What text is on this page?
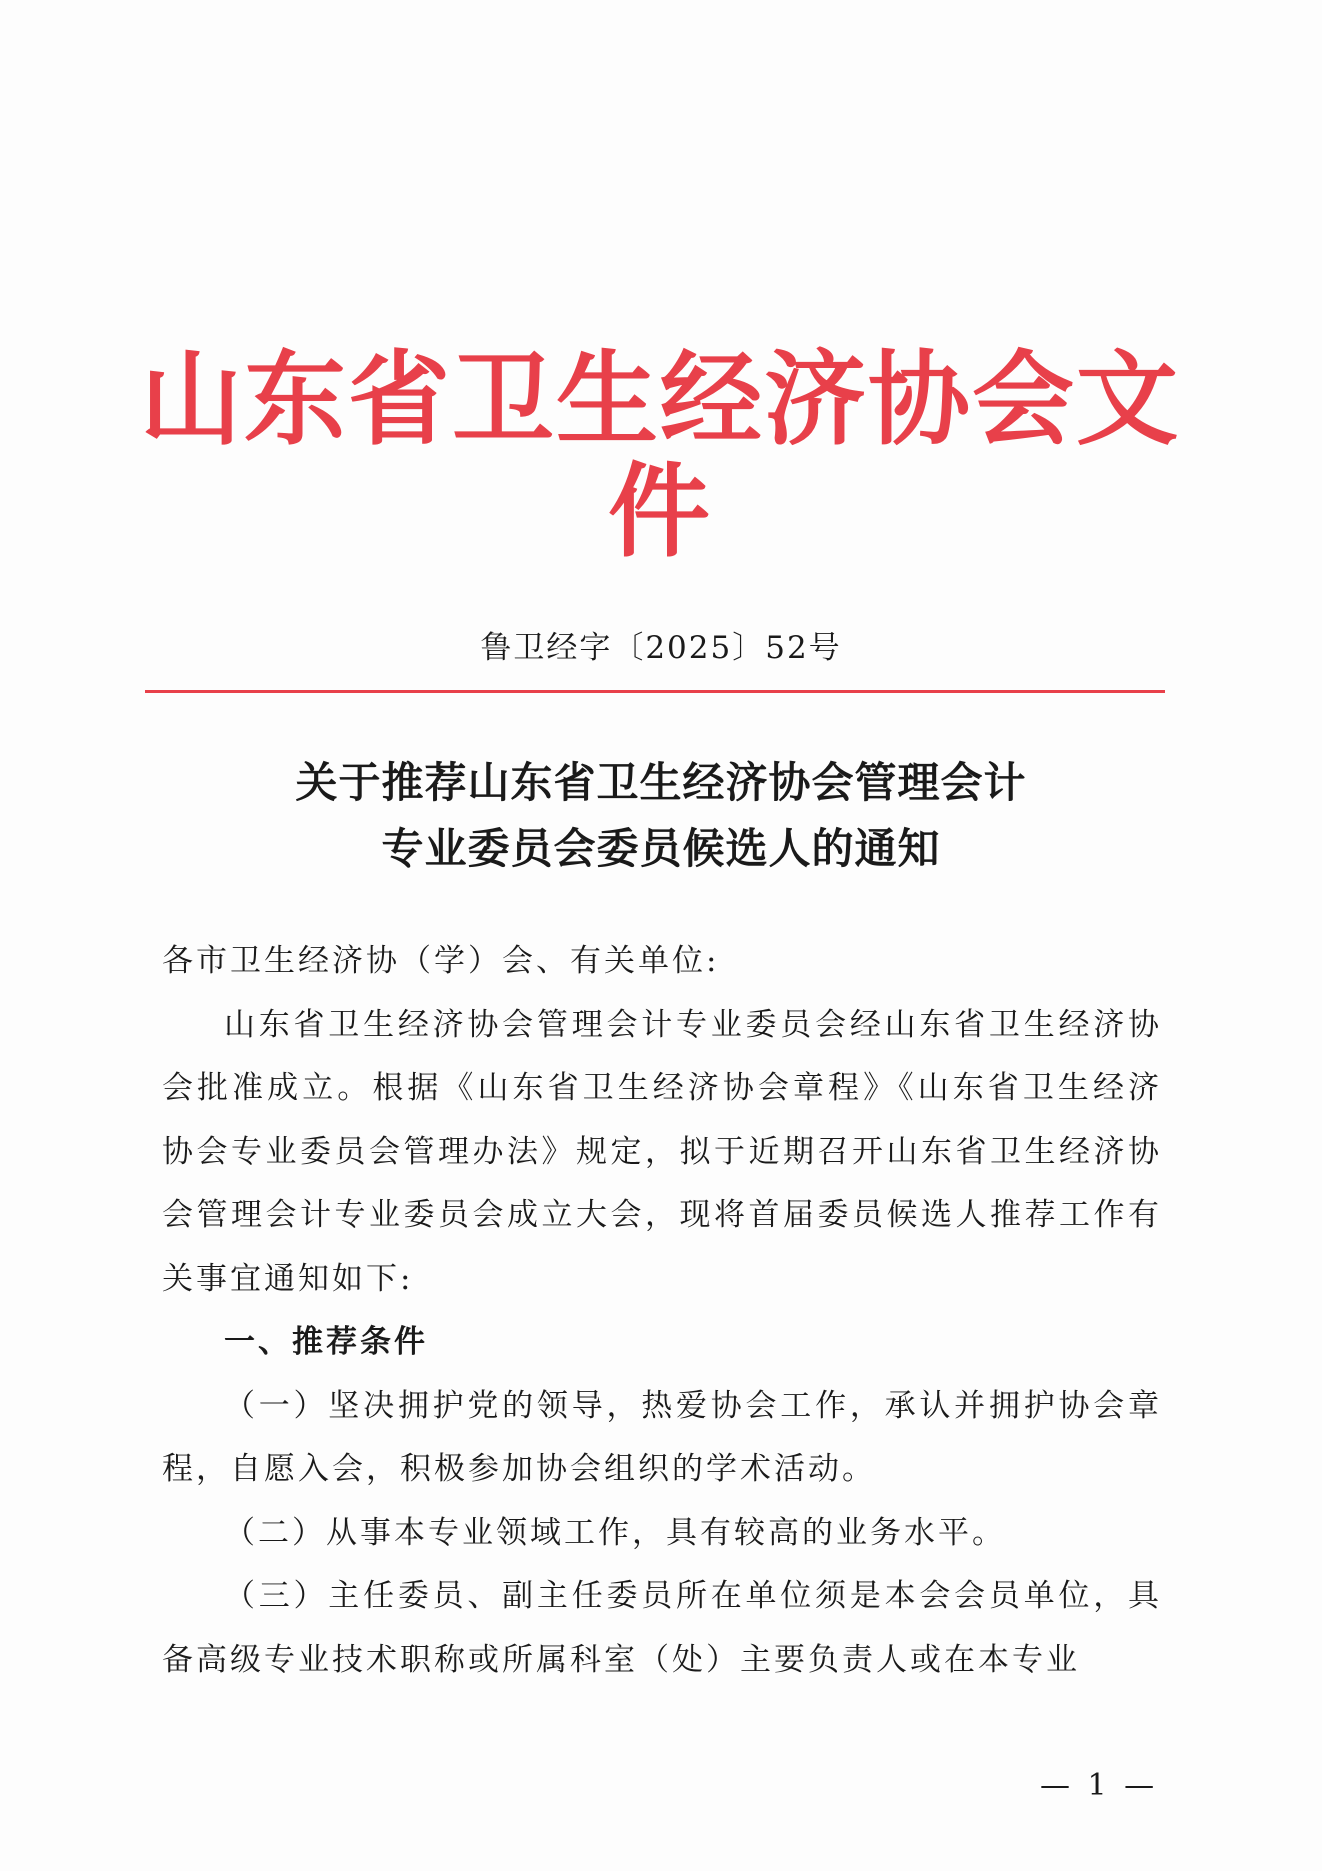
山东省卫生经济协会文件
鲁卫经字〔2025〕52号
关于推荐山东省卫生经济协会管理会计
专业委员会委员候选人的通知

各市卫生经济协（学）会、有关单位:

山东省卫生经济协会管理会计专业委员会经山东省卫生经济协会批准成立。根据《山东省卫生经济协会章程》《山东省卫生经济协会专业委员会管理办法》规定，拟于近期召开山东省卫生经济协会管理会计专业委员会成立大会，现将首届委员候选人推荐工作有关事宜通知如下:

一、推荐条件

（一）坚决拥护党的领导，热爱协会工作，承认并拥护协会章程，自愿入会，积极参加协会组织的学术活动。

（二）从事本专业领域工作，具有较高的业务水平。

（三）主任委员、副主任委员所在单位须是本会会员单位，具备高级专业技术职称或所属科室（处）主要负责人或在本专业

— 1 —
